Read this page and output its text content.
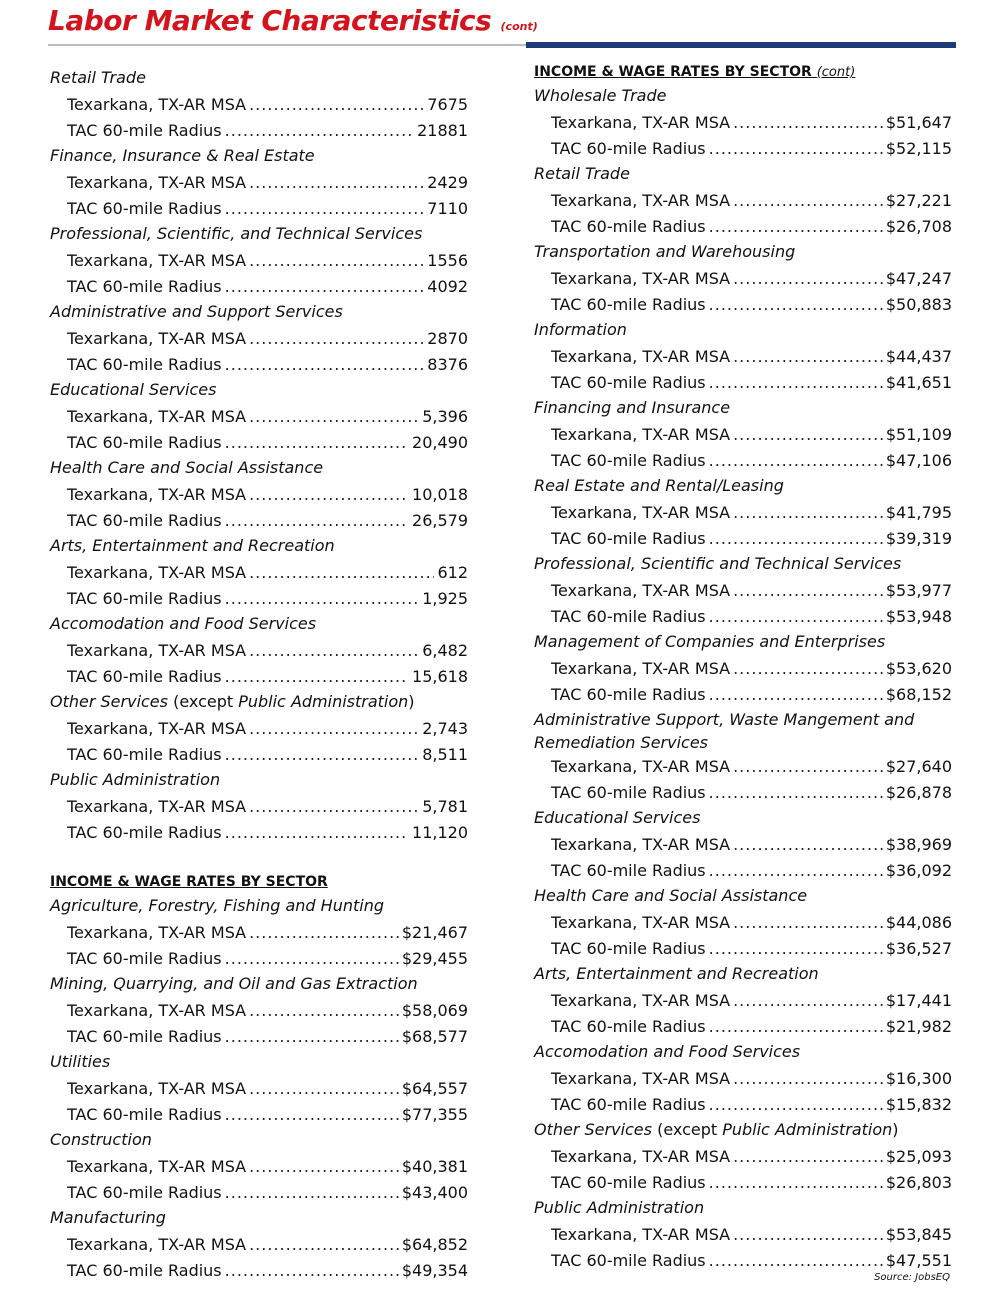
Labor Market Characteristics (cont)
Retail Trade
Texarkana, TX-AR MSA .....	7675
TAC 60-mile Radius .....	21881
Finance, Insurance & Real Estate
Texarkana, TX-AR MSA .....	2429
TAC 60-mile Radius .....	7110
Professional, Scientific, and Technical Services
Texarkana, TX-AR MSA .....	1556
TAC 60-mile Radius .....	4092
Administrative and Support Services
Texarkana, TX-AR MSA .....	2870
TAC 60-mile Radius .....	8376
Educational Services
Texarkana, TX-AR MSA .....	5,396
TAC 60-mile Radius .....	20,490
Health Care and Social Assistance
Texarkana, TX-AR MSA .....	10,018
TAC 60-mile Radius .....	26,579
Arts, Entertainment and Recreation
Texarkana, TX-AR MSA .....	612
TAC 60-mile Radius .....	1,925
Accomodation and Food Services
Texarkana, TX-AR MSA .....	6,482
TAC 60-mile Radius .....	15,618
Other Services (except Public Administration)
Texarkana, TX-AR MSA .....	2,743
TAC 60-mile Radius .....	8,511
Public Administration
Texarkana, TX-AR MSA .....	5,781
TAC 60-mile Radius .....	11,120
INCOME & WAGE RATES BY SECTOR
Agriculture, Forestry, Fishing and Hunting
Texarkana, TX-AR MSA .....	$21,467
TAC 60-mile Radius .....	$29,455
Mining, Quarrying, and Oil and Gas Extraction
Texarkana, TX-AR MSA .....	$58,069
TAC 60-mile Radius .....	$68,577
Utilities
Texarkana, TX-AR MSA .....	$64,557
TAC 60-mile Radius .....	$77,355
Construction
Texarkana, TX-AR MSA .....	$40,381
TAC 60-mile Radius .....	$43,400
Manufacturing
Texarkana, TX-AR MSA .....	$64,852
TAC 60-mile Radius .....	$49,354
INCOME & WAGE RATES BY SECTOR (cont)
Wholesale Trade
Texarkana, TX-AR MSA .....	$51,647
TAC 60-mile Radius .....	$52,115
Retail Trade
Texarkana, TX-AR MSA .....	$27,221
TAC 60-mile Radius .....	$26,708
Transportation and Warehousing
Texarkana, TX-AR MSA .....	$47,247
TAC 60-mile Radius .....	$50,883
Information
Texarkana, TX-AR MSA .....	$44,437
TAC 60-mile Radius .....	$41,651
Financing and Insurance
Texarkana, TX-AR MSA .....	$51,109
TAC 60-mile Radius .....	$47,106
Real Estate and Rental/Leasing
Texarkana, TX-AR MSA .....	$41,795
TAC 60-mile Radius .....	$39,319
Professional, Scientific and Technical Services
Texarkana, TX-AR MSA .....	$53,977
TAC 60-mile Radius .....	$53,948
Management of Companies and Enterprises
Texarkana, TX-AR MSA .....	$53,620
TAC 60-mile Radius .....	$68,152
Administrative Support, Waste Mangement and Remediation Services
Texarkana, TX-AR MSA .....	$27,640
TAC 60-mile Radius .....	$26,878
Educational Services
Texarkana, TX-AR MSA .....	$38,969
TAC 60-mile Radius .....	$36,092
Health Care and Social Assistance
Texarkana, TX-AR MSA .....	$44,086
TAC 60-mile Radius .....	$36,527
Arts, Entertainment and Recreation
Texarkana, TX-AR MSA .....	$17,441
TAC 60-mile Radius .....	$21,982
Accomodation and Food Services
Texarkana, TX-AR MSA .....	$16,300
TAC 60-mile Radius .....	$15,832
Other Services (except Public Administration)
Texarkana, TX-AR MSA .....	$25,093
TAC 60-mile Radius .....	$26,803
Public Administration
Texarkana, TX-AR MSA .....	$53,845
TAC 60-mile Radius .....	$47,551
Source: JobsEQ
